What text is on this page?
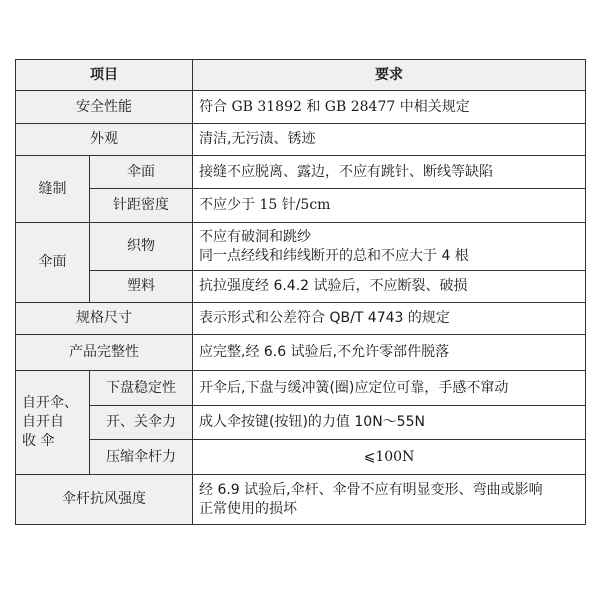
项目		要求
安全性能		符合 GB 31892 和 GB 28477 中相关规定
外观		清洁,无污渍、锈迹
缝制	伞面	接缝不应脱离、露边，不应有跳针、断线等缺陷
	针距密度	不应少于 15 针/5cm
伞面	织物	不应有破洞和跳纱
同一点经线和纬线断开的总和不应大于 4 根

	塑料	抗拉强度经 6.4.2 试验后，不应断裂、破损
规格尺寸		表示形式和公差符合 QB/T 4743 的规定
产品完整性		应完整,经 6.6 试验后,不允许零部件脱落

自开伞、
自开自
收 伞	下盘稳定性	开伞后,下盘与缓冲簧(圈)应定位可靠，手感不窜动
	开、关伞力	成人伞按键(按钮)的力值 10N～55N
	压缩伞杆力	⩽100N
伞杆抗风强度		经 6.9 试验后,伞杆、伞骨不应有明显变形、弯曲或影响
正常使用的损坏
